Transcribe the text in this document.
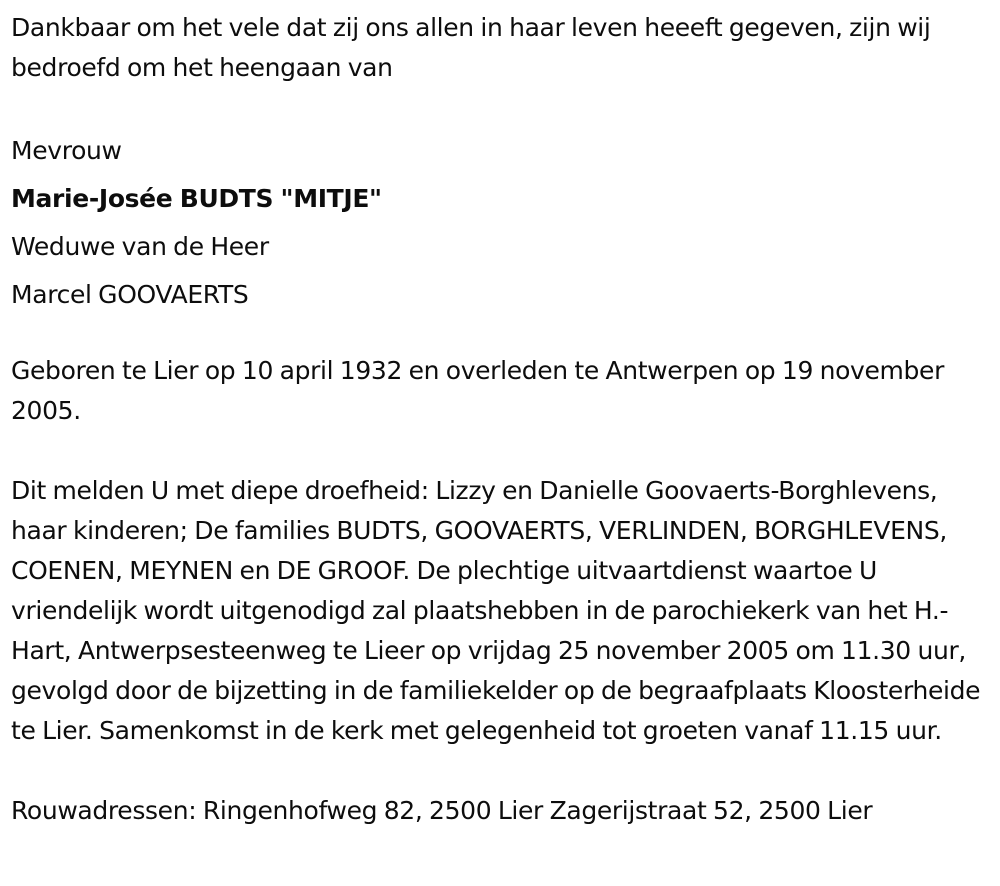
Dankbaar om het vele dat zij ons allen in haar leven heeeft gegeven, zijn wij bedroefd om het heengaan van

Mevrouw
Marie-Josée BUDTS "MITJE"
Weduwe van de Heer
Marcel GOOVAERTS

Geboren te Lier op 10 april 1932 en overleden te Antwerpen op 19 november 2005.

Dit melden U met diepe droefheid: Lizzy en Danielle Goovaerts-Borghlevens, haar kinderen; De families BUDTS, GOOVAERTS, VERLINDEN, BORGHLEVENS, COENEN, MEYNEN en DE GROOF. De plechtige uitvaartdienst waartoe U vriendelijk wordt uitgenodigd zal plaatshebben in de parochiekerk van het H.-Hart, Antwerpsesteenweg te Lieer op vrijdag 25 november 2005 om 11.30 uur, gevolgd door de bijzetting in de familiekelder op de begraafplaats Kloosterheide te Lier. Samenkomst in de kerk met gelegenheid tot groeten vanaf 11.15 uur.

Rouwadressen: Ringenhofweg 82, 2500 Lier Zagerijstraat 52, 2500 Lier
